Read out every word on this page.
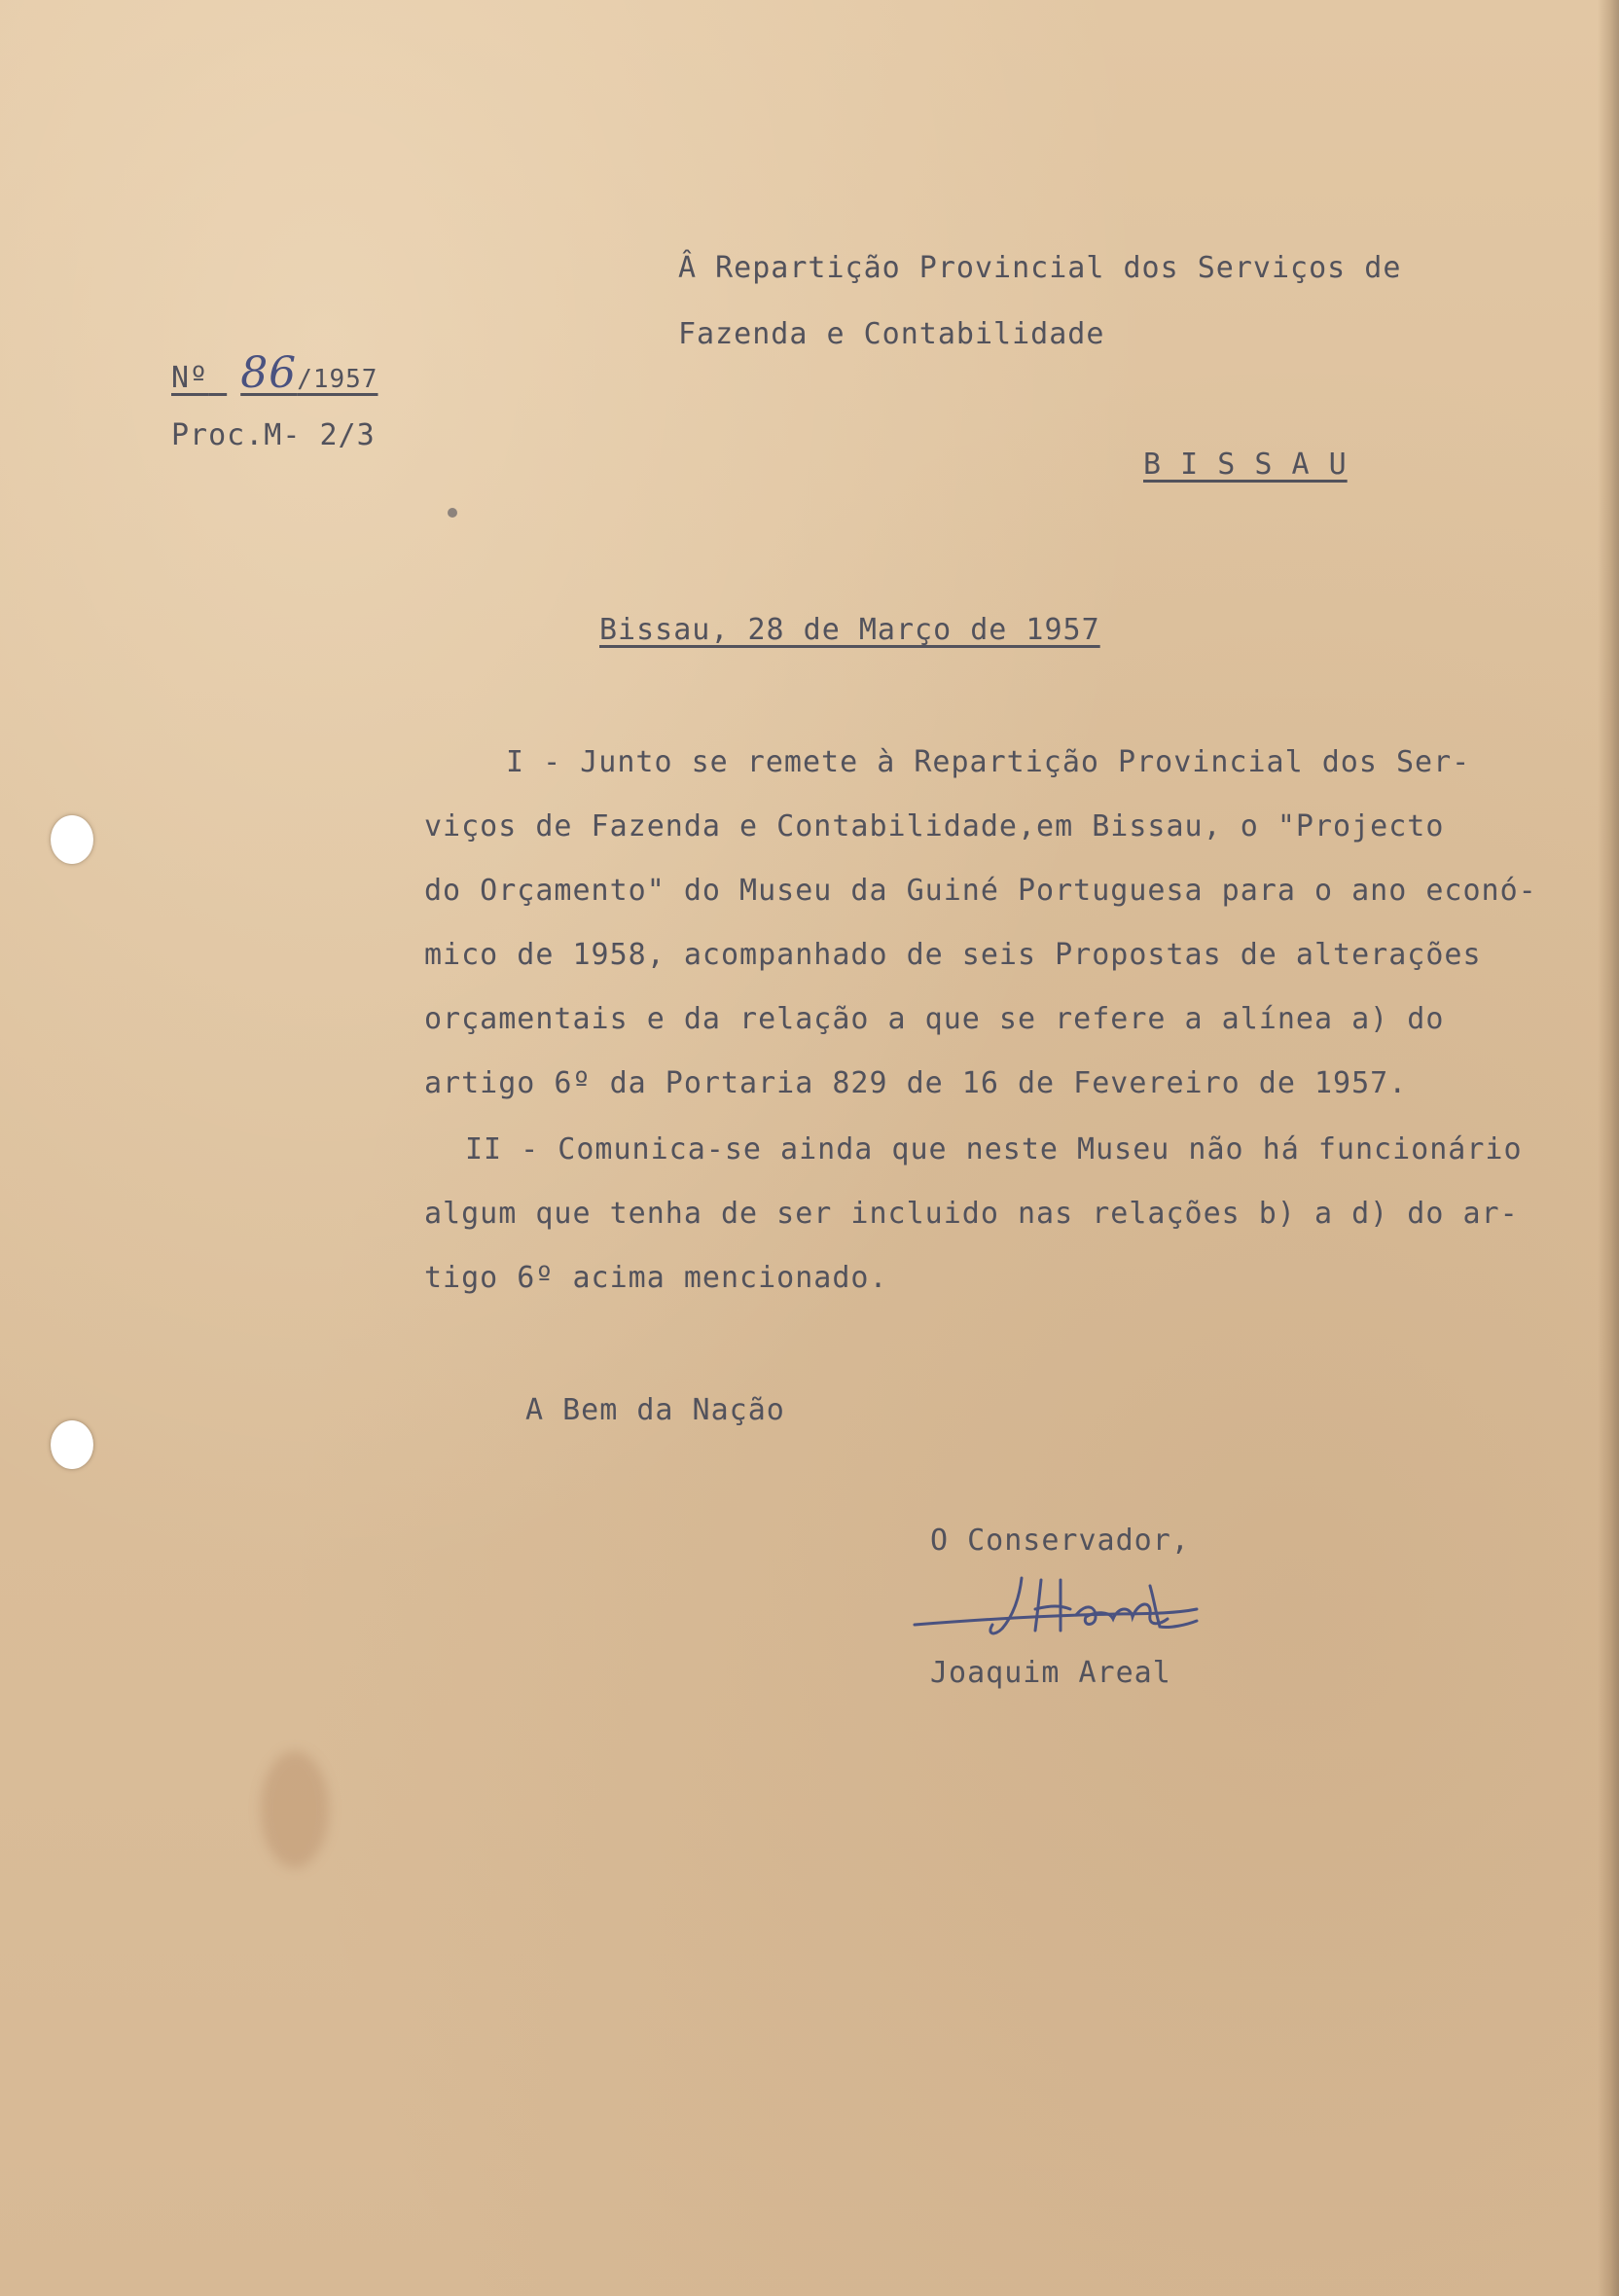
Â Repartição Provincial dos Serviços de
Fazenda e Contabilidade
B I S S A U
Nº 86/1957
Proc.M- 2/3
Bissau, 28 de Março de 1957
I - Junto se remete à Repartição Provincial dos Ser-
viços de Fazenda e Contabilidade,em Bissau, o "Projecto
do Orçamento" do Museu da Guiné Portuguesa para o ano econó-
mico de 1958, acompanhado de seis Propostas de alterações
orçamentais e da relação a que se refere a alínea a) do
artigo 6º da Portaria 829 de 16 de Fevereiro de 1957.
II - Comunica-se ainda que neste Museu não há funcionário
algum que tenha de ser incluido nas relações b) a d) do ar-
tigo 6º acima mencionado.
A Bem da Nação
O Conservador,
Joaquim Areal
